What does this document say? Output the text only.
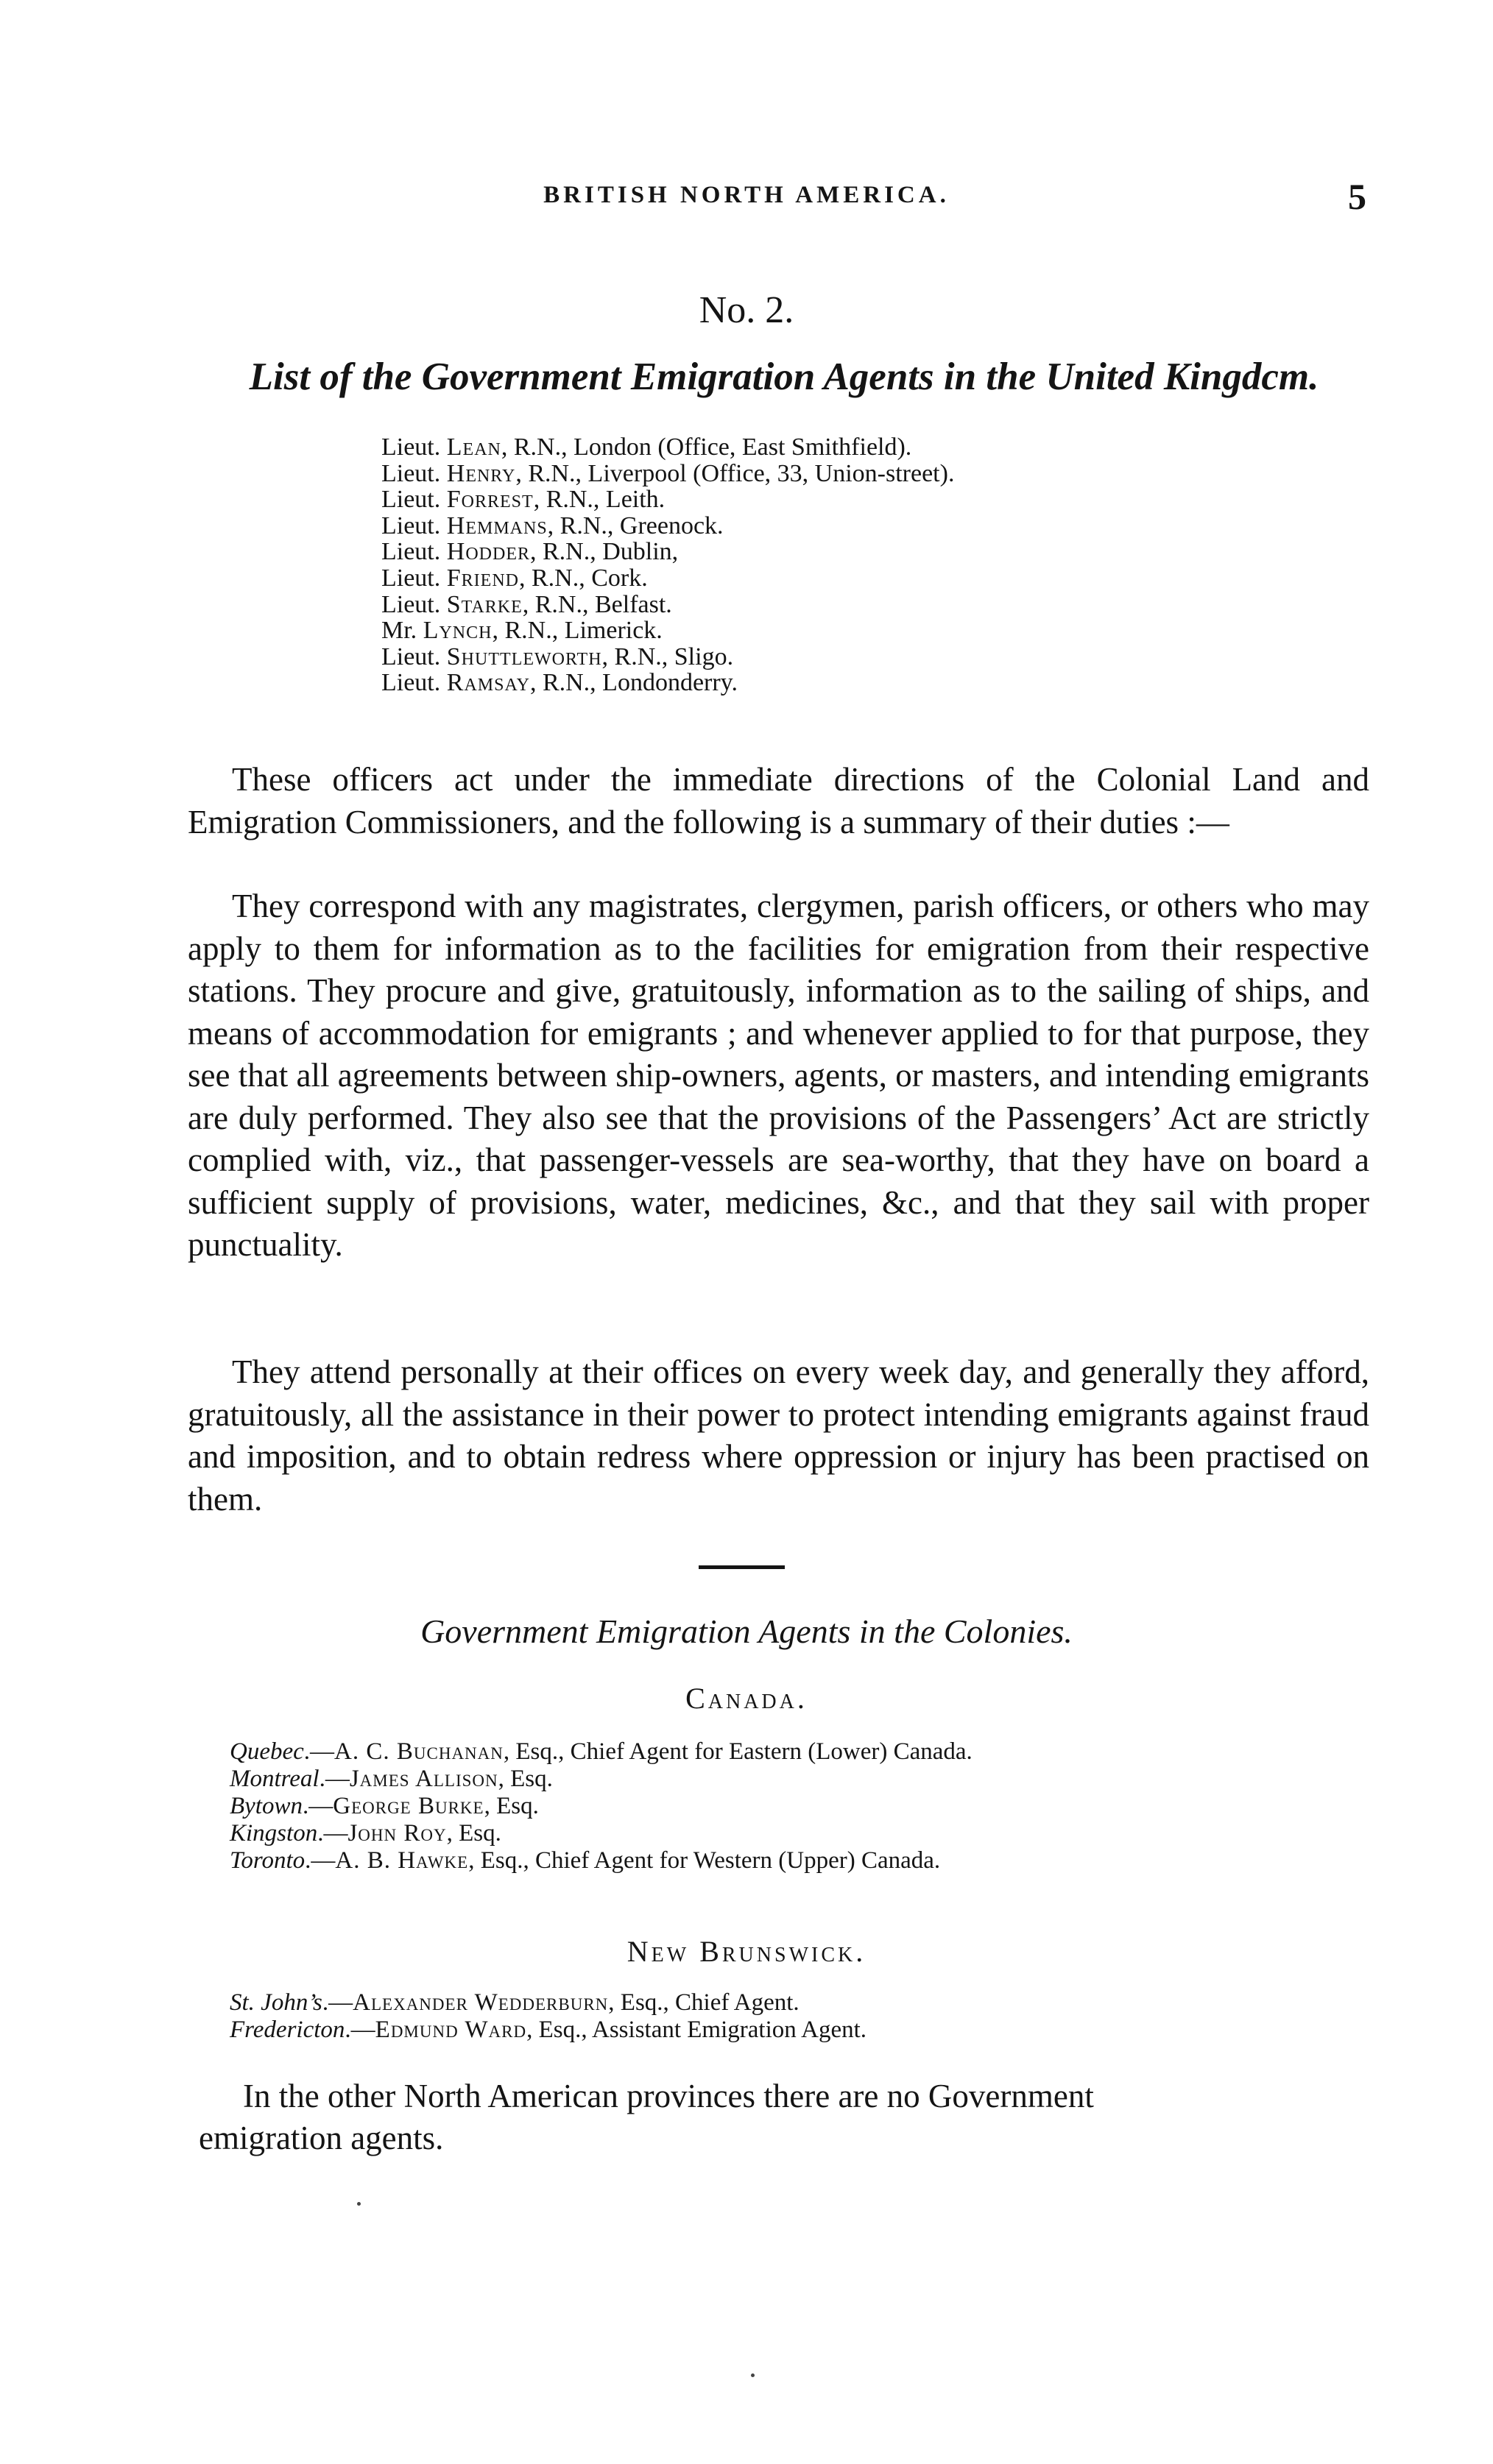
BRITISH NORTH AMERICA.	5
No. 2.
List of the Government Emigration Agents in the United Kingdcm.
Lieut. Lean, R.N., London (Office, East Smithfield).
Lieut. Henry, R.N., Liverpool (Office, 33, Union-street).
Lieut. Forrest, R.N., Leith.
Lieut. Hemmans, R.N., Greenock.
Lieut. Hodder, R.N., Dublin,
Lieut. Friend, R.N., Cork.
Lieut. Starke, R.N., Belfast.
Mr. Lynch, R.N., Limerick.
Lieut. Shuttleworth, R.N., Sligo.
Lieut. Ramsay, R.N., Londonderry.

These officers act under the immediate directions of the Colonial Land and Emigration Commissioners, and the following is a summary of their duties :—

They correspond with any magistrates, clergymen, parish officers, or others who may apply to them for information as to the facilities for emigration from their respective stations. They procure and give, gratuitously, information as to the sailing of ships, and means of accommodation for emigrants ; and whenever applied to for that purpose, they see that all agreements between ship-owners, agents, or masters, and intending emigrants are duly performed. They also see that the provisions of the Passengers’ Act are strictly complied with, viz., that passenger-vessels are sea-worthy, that they have on board a sufficient supply of provisions, water, medicines, &c., and that they sail with proper punctuality.

They attend personally at their offices on every week day, and generally they afford, gratuitously, all the assistance in their power to protect intending emigrants against fraud and imposition, and to obtain redress where oppression or injury has been practised on them.

Government Emigration Agents in the Colonies.
Canada.
Quebec.—A. C. Buchanan, Esq., Chief Agent for Eastern (Lower) Canada.
Montreal.—James Allison, Esq.
Bytown.—George Burke, Esq.
Kingston.—John Roy, Esq.
Toronto.—A. B. Hawke, Esq., Chief Agent for Western (Upper) Canada.
New Brunswick.
St. John’s.—Alexander Wedderburn, Esq., Chief Agent.
Fredericton.—Edmund Ward, Esq., Assistant Emigration Agent.
In the other North American provinces there are no Government
emigration agents.
